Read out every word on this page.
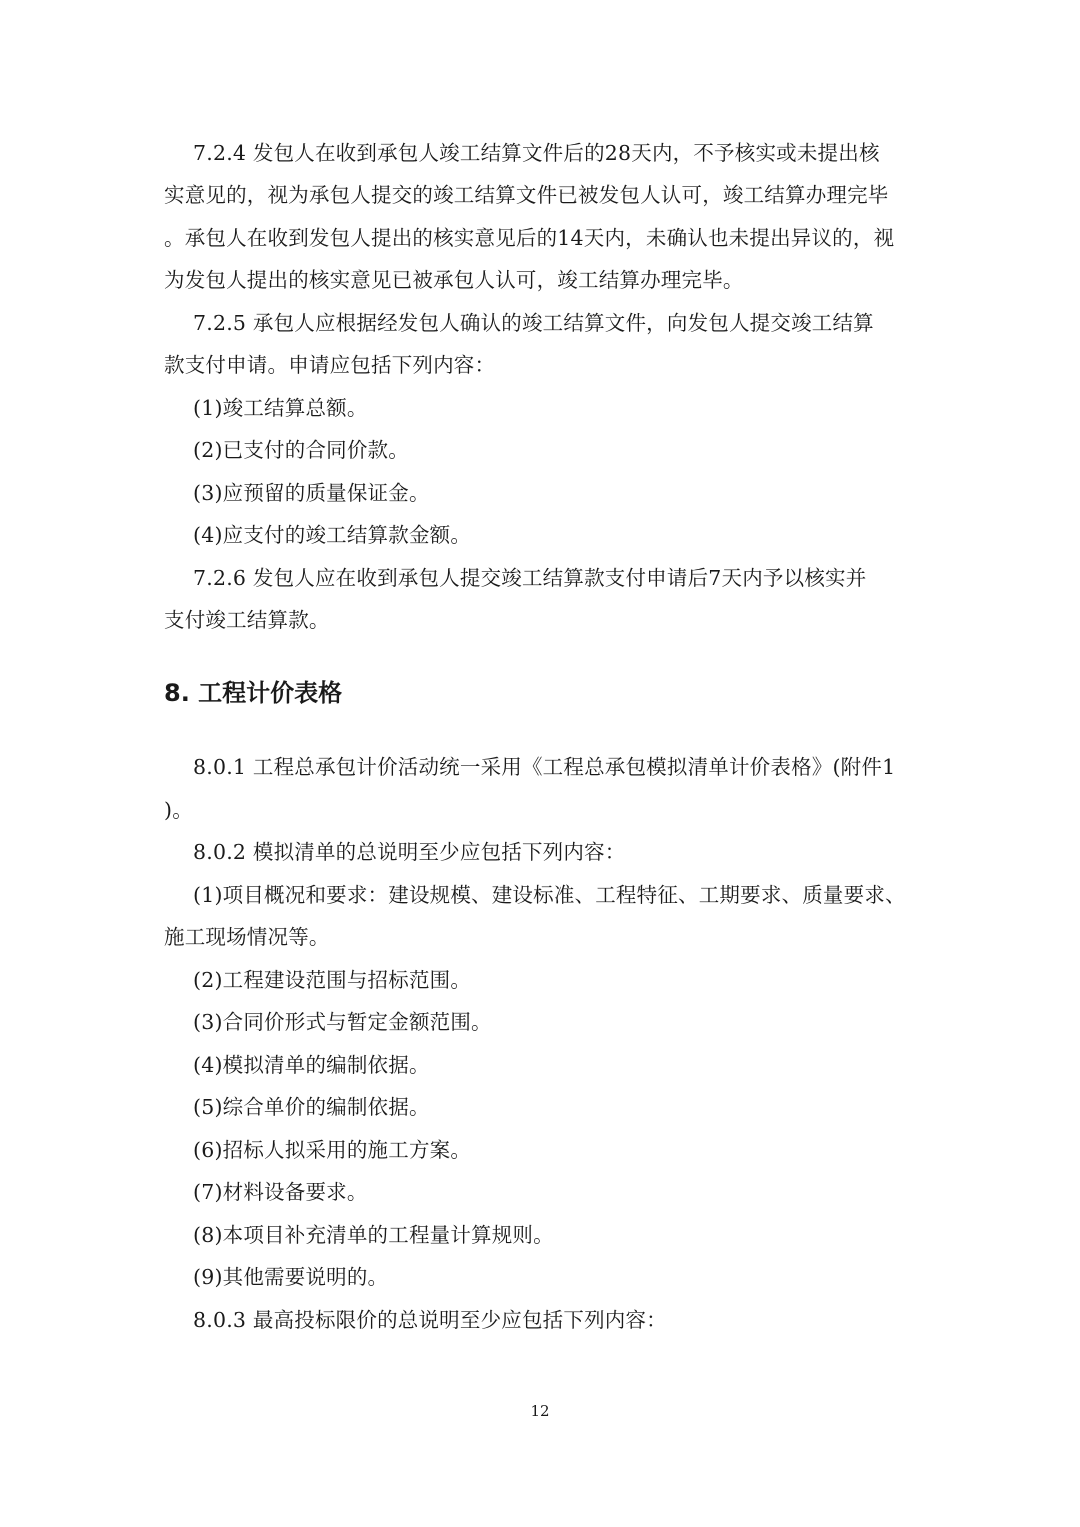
7.2.4 发包人在收到承包人竣工结算文件后的28天内，不予核实或未提出核
实意见的，视为承包人提交的竣工结算文件已被发包人认可，竣工结算办理完毕
。承包人在收到发包人提出的核实意见后的14天内，未确认也未提出异议的，视
为发包人提出的核实意见已被承包人认可，竣工结算办理完毕。
7.2.5 承包人应根据经发包人确认的竣工结算文件，向发包人提交竣工结算
款支付申请。申请应包括下列内容：
(1)竣工结算总额。
(2)已支付的合同价款。
(3)应预留的质量保证金。
(4)应支付的竣工结算款金额。
7.2.6 发包人应在收到承包人提交竣工结算款支付申请后7天内予以核实并
支付竣工结算款。
8. 工程计价表格
8.0.1 工程总承包计价活动统一采用《工程总承包模拟清单计价表格》(附件1
)。
8.0.2 模拟清单的总说明至少应包括下列内容：
(1)项目概况和要求：建设规模、建设标准、工程特征、工期要求、质量要求、
施工现场情况等。
(2)工程建设范围与招标范围。
(3)合同价形式与暂定金额范围。
(4)模拟清单的编制依据。
(5)综合单价的编制依据。
(6)招标人拟采用的施工方案。
(7)材料设备要求。
(8)本项目补充清单的工程量计算规则。
(9)其他需要说明的。
8.0.3 最高投标限价的总说明至少应包括下列内容：
12
